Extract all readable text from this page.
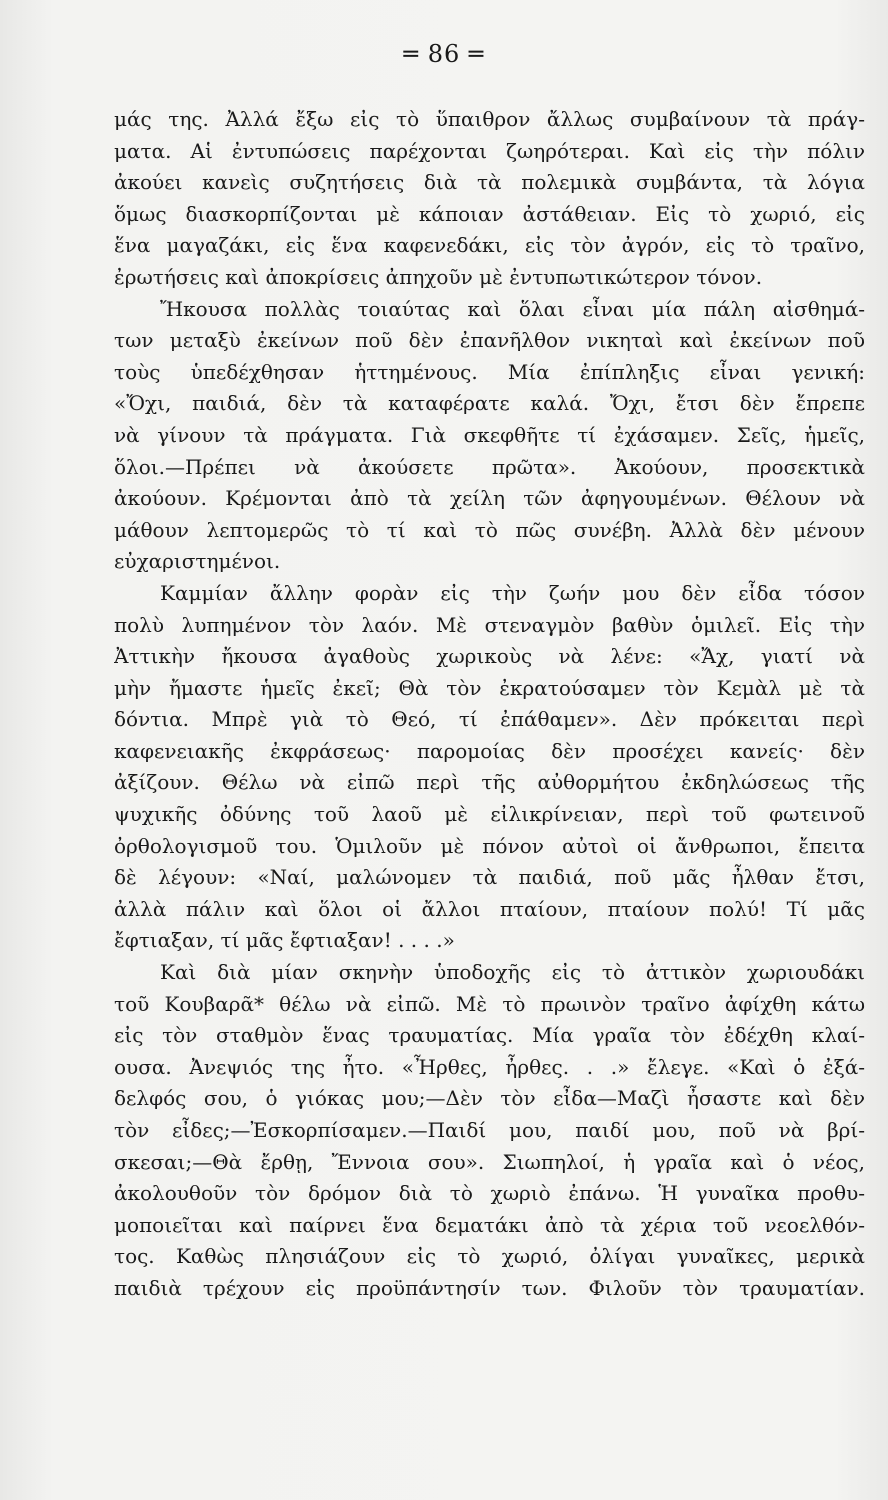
═ 86 ═
μάς της. Ἀλλά ἔξω εἰς τὸ ὕπαιθρον ἄλλως συμβαίνουν τὰ πράγ-
ματα. Αἱ ἐντυπώσεις παρέχονται ζωηρότεραι. Καὶ εἰς τὴν πόλιν
ἀκούει κανεὶς συζητήσεις διὰ τὰ πολεμικὰ συμβάντα, τὰ λόγια
ὅμως διασκορπίζονται μὲ κάποιαν ἀστάθειαν. Εἰς τὸ χωριό, εἰς
ἕνα μαγαζάκι, εἰς ἕνα καφενεδάκι, εἰς τὸν ἀγρόν, εἰς τὸ τραῖνο,
ἐρωτήσεις καὶ ἀποκρίσεις ἀπηχοῦν μὲ ἐντυπωτικώτερον τόνον.
Ἤκουσα πολλὰς τοιαύτας καὶ ὅλαι εἶναι μία πάλη αἰσθημά-
των μεταξὺ ἐκείνων ποῦ δὲν ἐπανῆλθον νικηταὶ καὶ ἐκείνων ποῦ
τοὺς ὑπεδέχθησαν ἡττημένους. Μία ἐπίπληξις εἶναι γενική:
«Ὄχι, παιδιά, δὲν τὰ καταφέρατε καλά. Ὄχι, ἔτσι δὲν ἔπρεπε
νὰ γίνουν τὰ πράγματα. Γιὰ σκεφθῆτε τί ἐχάσαμεν. Σεῖς, ἡμεῖς,
ὅλοι.—Πρέπει νὰ ἀκούσετε πρῶτα». Ἀκούουν, προσεκτικὰ
ἀκούουν. Κρέμονται ἀπὸ τὰ χείλη τῶν ἀφηγουμένων. Θέλουν νὰ
μάθουν λεπτομερῶς τὸ τί καὶ τὸ πῶς συνέβη. Ἀλλὰ δὲν μένουν
εὐχαριστημένοι.
Καμμίαν ἄλλην φορὰν εἰς τὴν ζωήν μου δὲν εἶδα τόσον
πολὺ λυπημένον τὸν λαόν. Μὲ στεναγμὸν βαθὺν ὁμιλεῖ. Εἰς τὴν
Ἀττικὴν ἤκουσα ἀγαθοὺς χωρικοὺς νὰ λένε: «Ἄχ, γιατί νὰ
μὴν ἤμαστε ἡμεῖς ἐκεῖ; Θὰ τὸν ἐκρατούσαμεν τὸν Κεμὰλ μὲ τὰ
δόντια. Μπρὲ γιὰ τὸ Θεό, τί ἐπάθαμεν». Δὲν πρόκειται περὶ
καφενειακῆς ἐκφράσεως· παρομοίας δὲν προσέχει κανείς· δὲν
ἀξίζουν. Θέλω νὰ εἰπῶ περὶ τῆς αὐθορμήτου ἐκδηλώσεως τῆς
ψυχικῆς ὀδύνης τοῦ λαοῦ μὲ εἰλικρίνειαν, περὶ τοῦ φωτεινοῦ
ὀρθολογισμοῦ του. Ὁμιλοῦν μὲ πόνον αὐτοὶ οἱ ἄνθρωποι, ἔπειτα
δὲ λέγουν: «Ναί, μαλώνομεν τὰ παιδιά, ποῦ μᾶς ἦλθαν ἔτσι,
ἀλλὰ πάλιν καὶ ὅλοι οἱ ἄλλοι πταίουν, πταίουν πολύ! Τί μᾶς
ἔφτιαξαν, τί μᾶς ἔφτιαξαν! . . . .»
Καὶ διὰ μίαν σκηνὴν ὑποδοχῆς εἰς τὸ ἀττικὸν χωριουδάκι
τοῦ Κουβαρᾶ* θέλω νὰ εἰπῶ. Μὲ τὸ πρωινὸν τραῖνο ἀφίχθη κάτω
εἰς τὸν σταθμὸν ἕνας τραυματίας. Μία γραῖα τὸν ἐδέχθη κλαί-
ουσα. Ἀνεψιός της ἦτο. «Ἦρθες, ἦρθες. . .» ἔλεγε. «Καὶ ὁ ἐξά-
δελφός σου, ὁ γιόκας μου;—Δὲν τὸν εἶδα—Μαζὶ ἦσαστε καὶ δὲν
τὸν εἶδες;—Ἐσκορπίσαμεν.—Παιδί μου, παιδί μου, ποῦ νὰ βρί-
σκεσαι;—Θὰ ἔρθῃ, Ἔννοια σου». Σιωπηλοί, ἡ γραῖα καὶ ὁ νέος,
ἀκολουθοῦν τὸν δρόμον διὰ τὸ χωριὸ ἐπάνω. Ἡ γυναῖκα προθυ-
μοποιεῖται καὶ παίρνει ἕνα δεματάκι ἀπὸ τὰ χέρια τοῦ νεοελθόν-
τος. Καθὼς πλησιάζουν εἰς τὸ χωριό, ὀλίγαι γυναῖκες, μερικὰ
παιδιὰ τρέχουν εἰς προϋπάντησίν των. Φιλοῦν τὸν τραυματίαν.
